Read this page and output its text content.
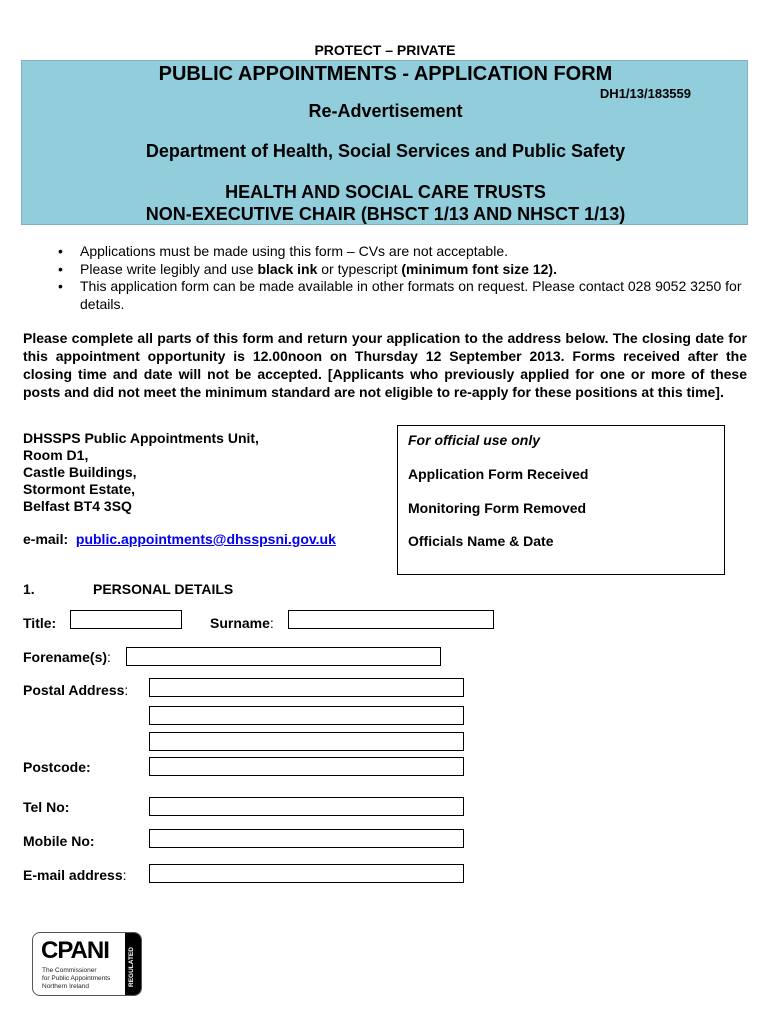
PROTECT – PRIVATE
PUBLIC APPOINTMENTS - APPLICATION FORM
DH1/13/183559
Re-Advertisement
Department of Health, Social Services and Public Safety
HEALTH AND SOCIAL CARE TRUSTS
NON-EXECUTIVE CHAIR (BHSCT 1/13 AND NHSCT 1/13)
• Applications must be made using this form – CVs are not acceptable.
• Please write legibly and use black ink or typescript (minimum font size 12).
• This application form can be made available in other formats on request. Please contact 028 9052 3250 for details.
Please complete all parts of this form and return your application to the address below. The closing date for this appointment opportunity is 12.00noon on Thursday 12 September 2013. Forms received after the closing time and date will not be accepted. [Applicants who previously applied for one or more of these posts and did not meet the minimum standard are not eligible to re-apply for these positions at this time].
DHSSPS Public Appointments Unit,
Room D1,
Castle Buildings,
Stormont Estate,
Belfast BT4 3SQ
e-mail: public.appointments@dhsspsni.gov.uk
For official use only
Application Form Received
Monitoring Form Removed
Officials Name & Date
1.	PERSONAL DETAILS
Title:	Surname:
Forename(s):
Postal Address:
Postcode:
Tel No:
Mobile No:
E-mail address:
CPANI
The Commissioner
for Public Appointments
Northern Ireland	REGULATED
